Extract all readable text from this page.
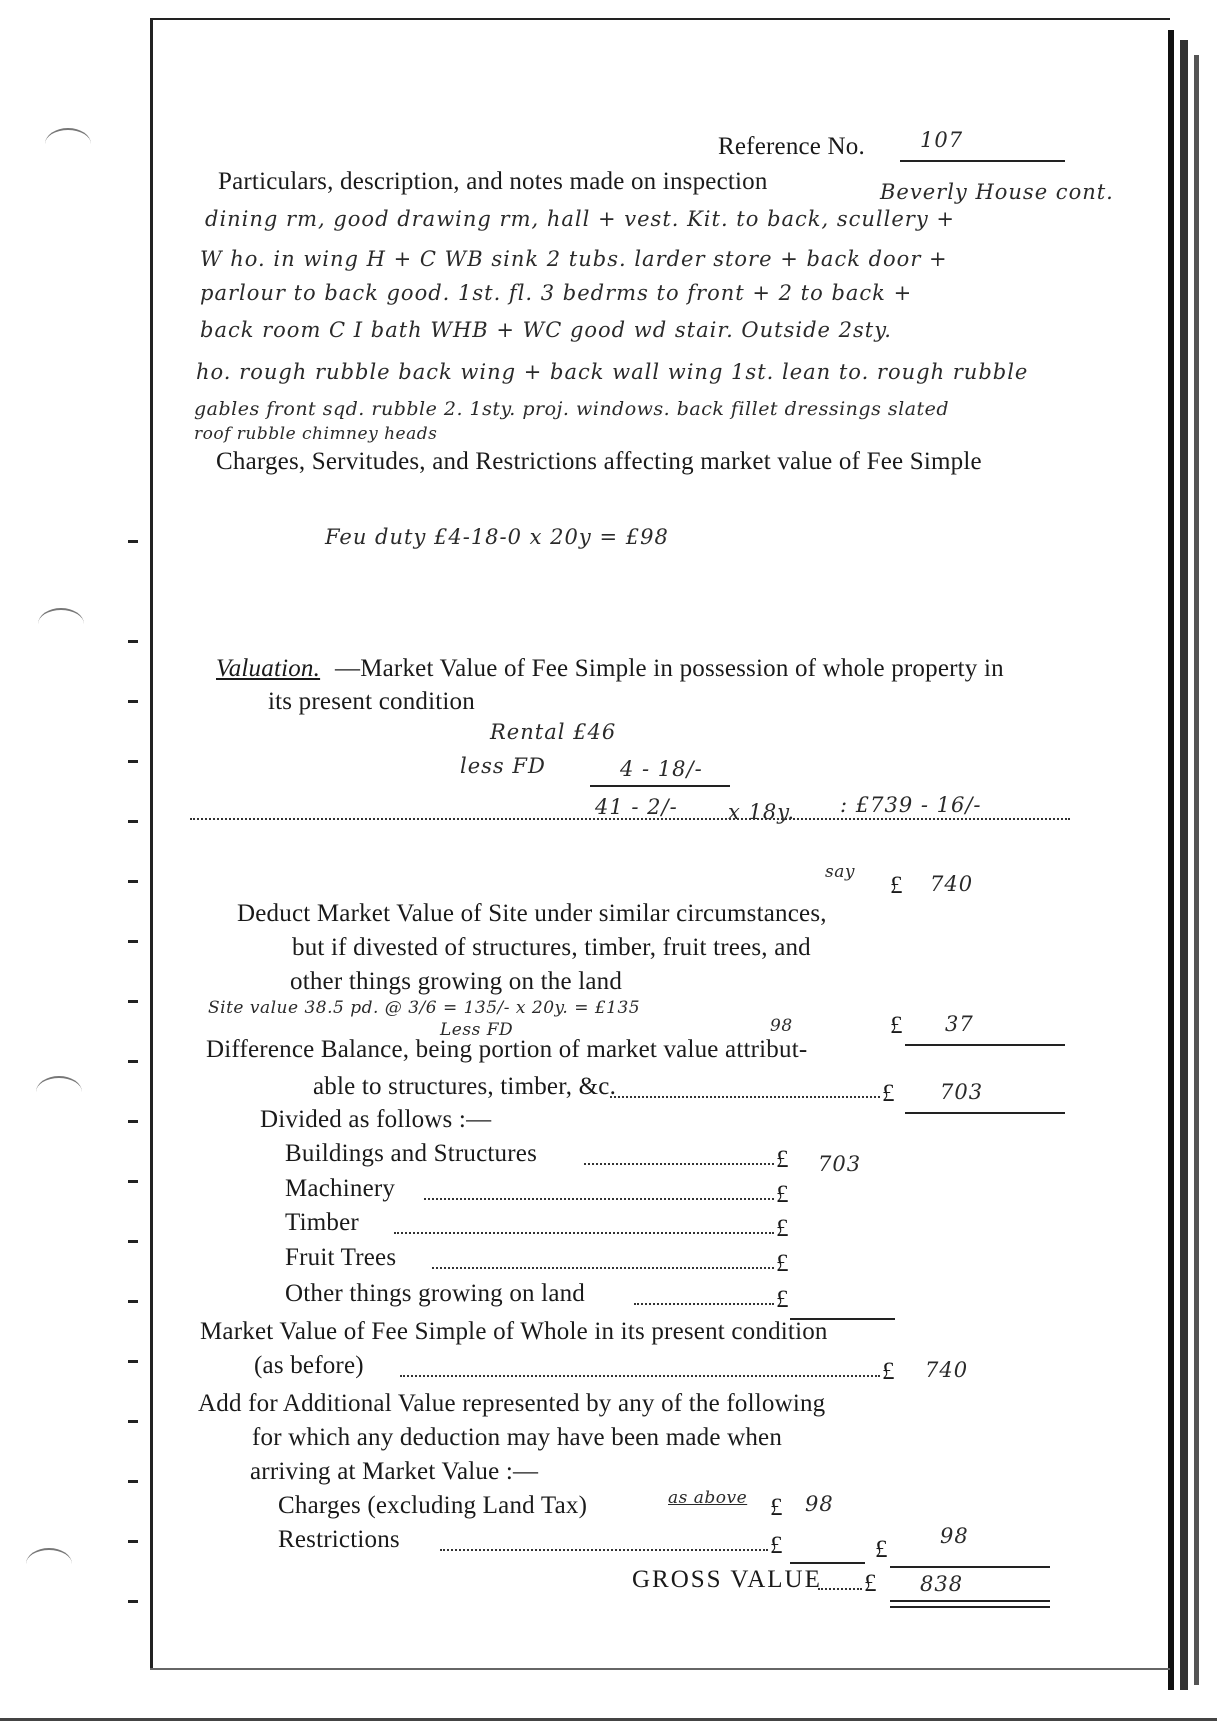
Reference No.	107
Particulars, description, and notes made on inspection	Beverly House cont.
dining rm, good drawing rm, hall + vest. Kit. to back, scullery +
W ho. in wing H + C WB sink 2 tubs. larder store + back door +
parlour to back good. 1st. fl. 3 bedrms to front + 2 to back +
back room C I bath WHB + WC good wd stair. Outside 2sty.
ho. rough rubble back wing + back wall wing 1st. lean to. rough rubble
gables front sqd. rubble 2. 1sty. proj. windows. back fillet dressings slated
roof rubble chimney heads
Charges, Servitudes, and Restrictions affecting market value of Fee Simple
Feu duty £4-18-0 x 20y = £98
Valuation. —Market Value of Fee Simple in possession of whole property in
its present condition
Rental £46
less FD	4 - 18/-
41 - 2/- x 18y. : £739 - 16/-
say £ 740
Deduct Market Value of Site under similar circumstances,
but if divested of structures, timber, fruit trees, and
other things growing on the land
Site value 38.5 pd. @ 3/6 = 135/- x 20y. = £135
Less FD	98	£ 37
Difference Balance, being portion of market value attribut-
able to structures, timber, &c.	£ 703
Divided as follows :—
Buildings and Structures	£ 703
Machinery	£
Timber	£
Fruit Trees	£
Other things growing on land	£
Market Value of Fee Simple of Whole in its present condition
(as before)	£ 740
Add for Additional Value represented by any of the following
for which any deduction may have been made when
arriving at Market Value :—
Charges (excluding Land Tax)	as above £ 98
Restrictions	£	£	98
GROSS VALUE £ 838
